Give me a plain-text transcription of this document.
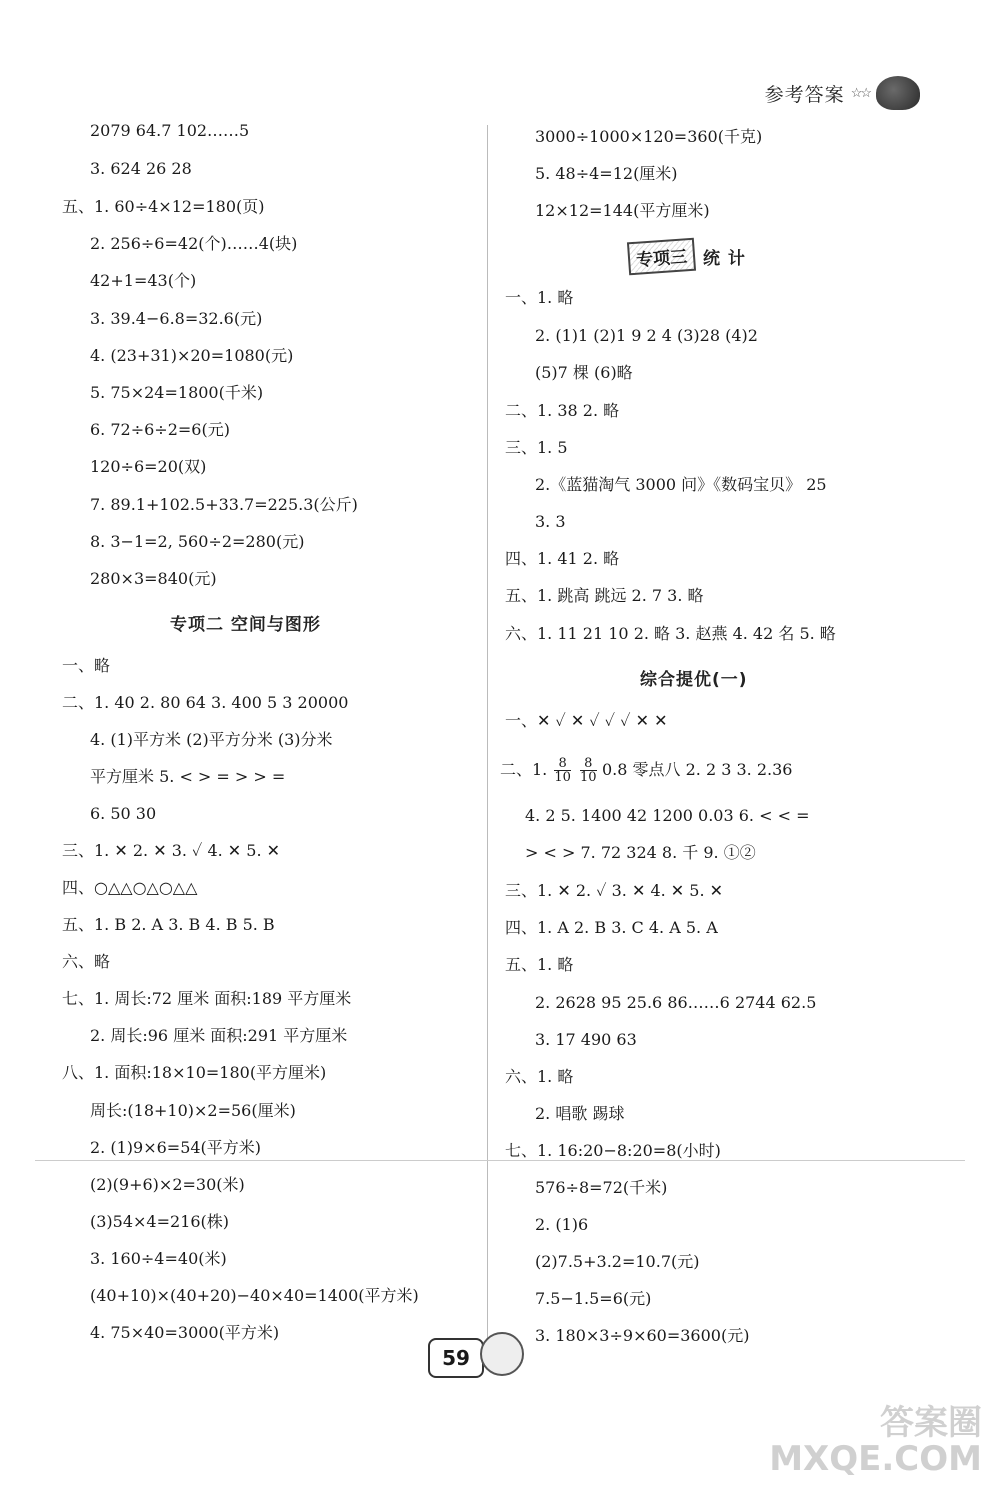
参考答案 ☆☆
2079 64.7 102……5
3. 624 26 28
五、1. 60÷4×12=180(页)
2. 256÷6=42(个)……4(块)
42+1=43(个)
3. 39.4−6.8=32.6(元)
4. (23+31)×20=1080(元)
5. 75×24=1800(千米)
6. 72÷6÷2=6(元)
120÷6=20(双)
7. 89.1+102.5+33.7=225.3(公斤)
8. 3−1=2, 560÷2=280(元)
280×3=840(元)
一、略
二、1. 40 2. 80 64 3. 400 5 3 20000
4. (1)平方米 (2)平方分米 (3)分米
平方厘米 5. < > = > > =
6. 50 30
三、1. ✕ 2. ✕ 3. ✓ 4. ✕ 5. ✕
四、○△△○△○△△
五、1. B 2. A 3. B 4. B 5. B
六、略
七、1. 周长:72 厘米 面积:189 平方厘米
2. 周长:96 厘米 面积:291 平方厘米
八、1. 面积:18×10=180(平方厘米)
周长:(18+10)×2=56(厘米)
2. (1)9×6=54(平方米)
(2)(9+6)×2=30(米)
(3)54×4=216(株)
3. 160÷4=40(米)
(40+10)×(40+20)−40×40=1400(平方米)
4. 75×40=3000(平方米)
专项二 空间与图形
3000÷1000×120=360(千克)
5. 48÷4=12(厘米)
12×12=144(平方厘米)
一、1. 略
2. (1)1 (2)1 9 2 4 (3)28 (4)2
(5)7 棵 (6)略
二、1. 38 2. 略
三、1. 5
2.《蓝猫淘气 3000 问》《数码宝贝》 25
3. 3
四、1. 41 2. 略
五、1. 跳高 跳远 2. 7 3. 略
六、1. 11 21 10 2. 略 3. 赵燕 4. 42 名 5. 略
一、✕ ✓ ✕ ✓ ✓ ✓ ✕ ✕
0.8 零点八 2. 2 3 3. 2.36
4. 2 5. 1400 42 1200 0.03 6. < < =
> < > 7. 72 324 8. 千 9. ①②
三、1. ✕ 2. ✓ 3. ✕ 4. ✕ 5. ✕
四、1. A 2. B 3. C 4. A 5. A
五、1. 略
2. 2628 95 25.6 86……6 2744 62.5
3. 17 490 63
六、1. 略
2. 唱歌 踢球
七、1. 16:20−8:20=8(小时)
576÷8=72(千米)
2. (1)6
(2)7.5+3.2=10.7(元)
7.5−1.5=6(元)
3. 180×3÷9×60=3600(元)
专项三 统 计
综合提优(一)
二、1. $\frac{8}{10}$
$\frac{8}{10}$
59
答案圈
MXQE.COM
